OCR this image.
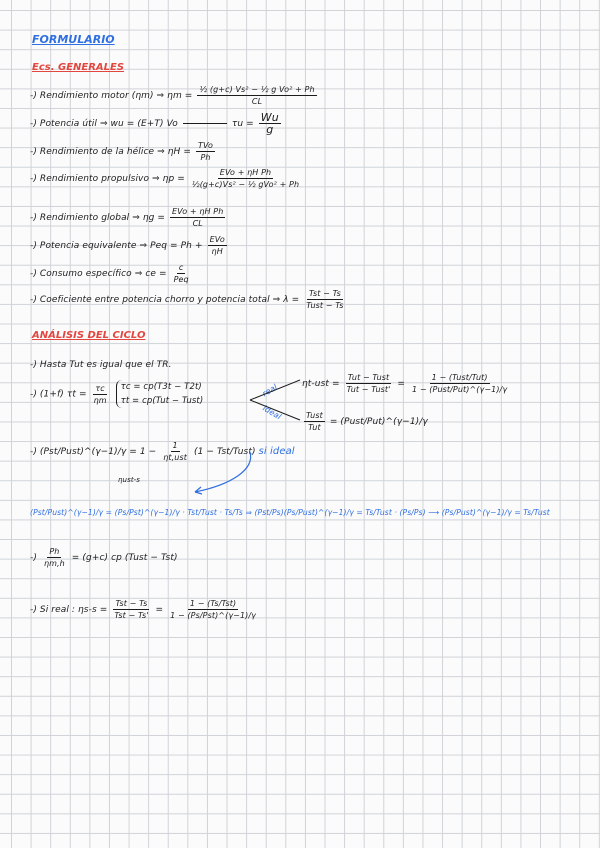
FORMULARIO
Ecs. GENERALES
-) Rendimiento motor (ηm) ⇒ $\eta m = \frac{\text{½ (g+c) Vs² − ½ g Vo² + Ph}}{CL}$
-) Potencia útil ⇒ wu = (E+T) Vo	$\tau u = \frac{Wu}{g}$
-) Rendimiento de la hélice ⇒ ηH =
TVo
Ph
-) Rendimiento propulsivo ⇒ ηp =
EVo + ηH Ph
½(g+c)Vs² − ½ gVo² + Ph
-) Rendimiento global ⇒ ηg =
EVo + ηH Ph
CL
-) Potencia equivalente ⇒ Peq = Ph +
EVo
ηH
-) Consumo específico ⇒ ce =
c
Peq
-) Coeficiente entre potencia chorro y potencia total ⇒ λ =
Tst − Ts
Tust − Ts
ANÁLISIS DEL CICLO
-) Hasta Tut es igual que el TR.
-) (1+f) $\tau t = \frac{\tau c}{\eta m}$
τc = cp(T3t − T2t)
τt = cp(Tut − Tust)
real
ideal
ηt-ust =
Tut − Tust
Tut − Tust'
=
1 − (Tust/Tut)
1 − (Pust/Put)^(γ−1)/γ
Tust
Tut
= (Pust/Put)^(γ−1)/γ
-) (Pst/Pust)^(γ−1)/γ = 1 −
1
ηt,ust
(1 − Tst/Tust) si ideal
ηust-s
(Pst/Pust)^(γ−1)/γ = (Ps/Pst)^(γ−1)/γ · Tst/Tust · Ts/Ts ⇒ (Pst/Ps)(Ps/Pust)^(γ−1)/γ = Ts/Tust · (Ps/Ps) ⟶ (Ps/Pust)^(γ−1)/γ = Ts/Tust
-) $\frac{Ph}{\eta m,h} = (g+c)$ cp (Tust − Tst)
-) Si real : ηs-s =
Tst − Ts
Tst − Ts'
=
1 − (Ts/Tst)
1 − (Ps/Pst)^(γ−1)/γ
